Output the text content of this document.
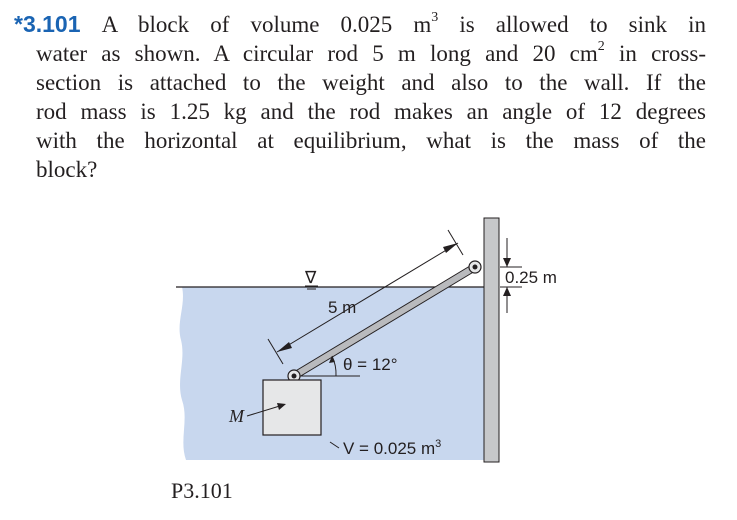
*3.101 A block of volume 0.025 $m^3$ is allowed to sink in
water as shown. A circular rod 5 m long and 20 $cm^2$ in cross-
section is attached to the weight and also to the wall. If the
rod mass is 1.25 kg and the rod makes an angle of 12 degrees
with the horizontal at equilibrium, what is the mass of the
block?
∇
5 m
θ = 12°
0.25 m
V = 0.025 $m^3$
M
P3.101
